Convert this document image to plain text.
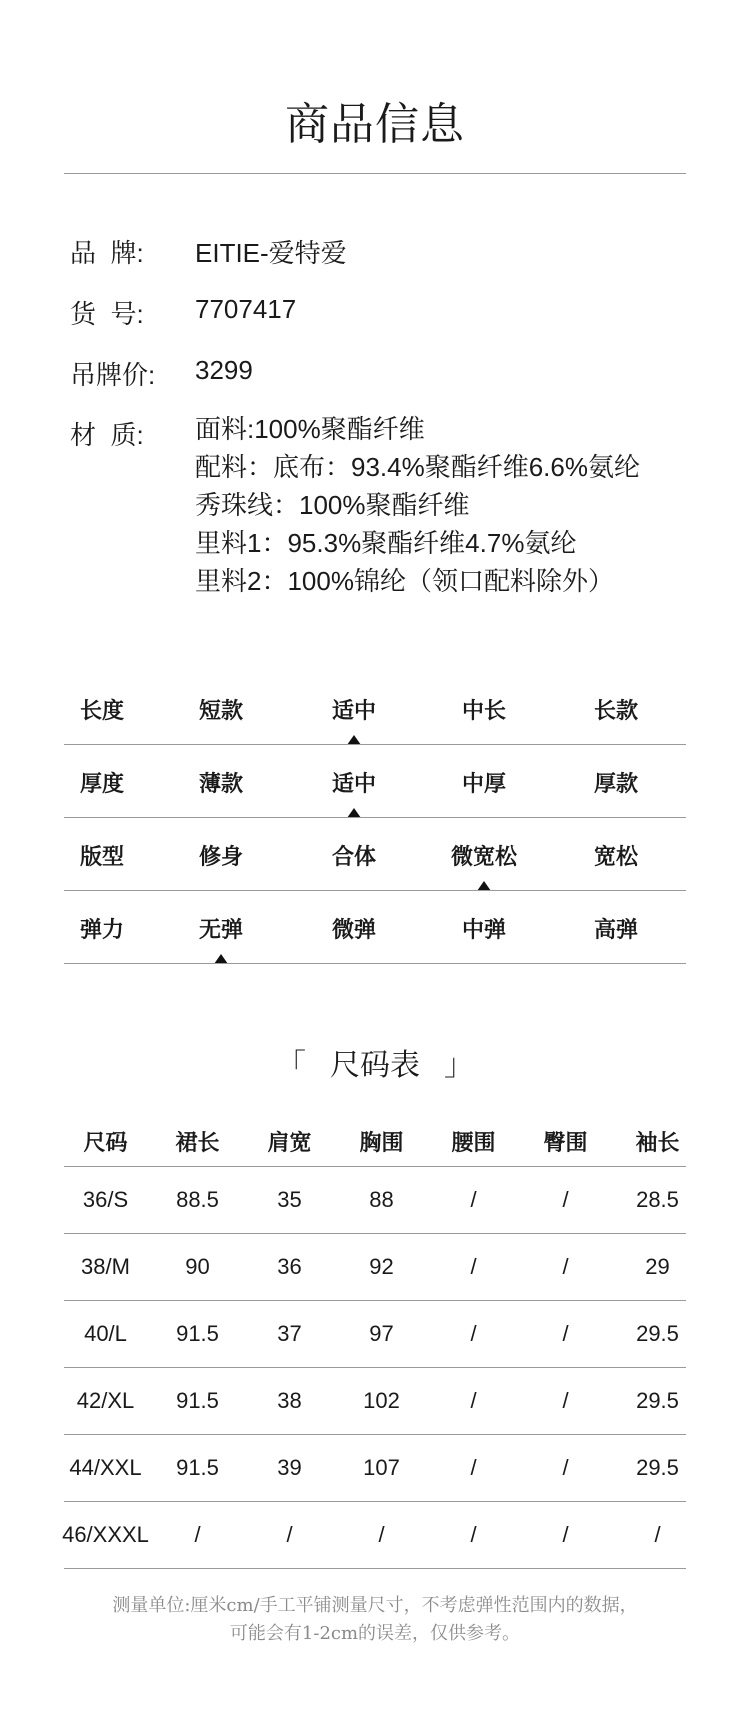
商品信息
品  牌: EITIE-爱特爱
货  号: 7707417
吊牌价: 3299
材  质: 面料:100%聚酯纤维
配料：底布：93.4%聚酯纤维6.6%氨纶
秀珠线：100%聚酯纤维
里料1：95.3%聚酯纤维4.7%氨纶
里料2：100%锦纶（领口配料除外）
长度	短款	适中	中长	长款
厚度	薄款	适中	中厚	厚款
版型	修身	合体	微宽松	宽松
弹力	无弹	微弹	中弹	高弹
「 尺码表 」
尺码	裙长	肩宽	胸围	腰围	臀围	袖长
36/S	88.5	35	88	/	/	28.5
38/M	90	36	92	/	/	29
40/L	91.5	37	97	/	/	29.5
42/XL	91.5	38	102	/	/	29.5
44/XXL	91.5	39	107	/	/	29.5
46/XXXL	/	/	/	/	/	/
测量单位:厘米cm/手工平铺测量尺寸，不考虑弹性范围内的数据，
可能会有1-2cm的误差，仅供参考。
